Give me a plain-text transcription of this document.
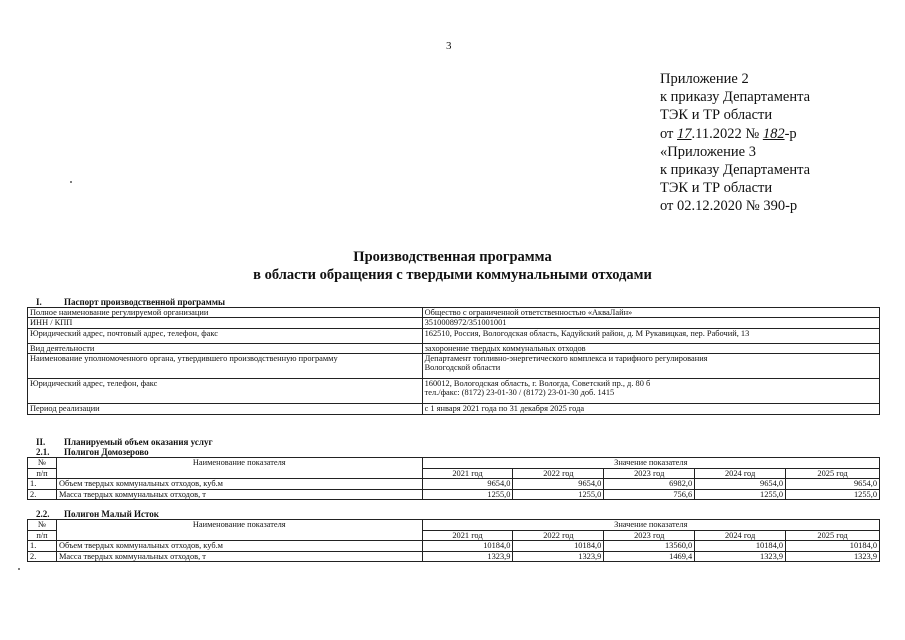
3
Приложение 2
к приказу Департамента
ТЭК и ТР области
от 17.11.2022 № 182-р
«Приложение 3
к приказу Департамента
ТЭК и ТР области
от 02.12.2020 № 390-р
Производственная программа
в области обращения с твердыми коммунальными отходами
I. Паспорт производственной программы
Полное наименование регулируемой организации	Общество с ограниченной ответственностью «АкваЛайн»
ИНН / КПП	3510008972/351001001
Юридический адрес, почтовый адрес, телефон, факс	162510, Россия, Вологодская область, Кадуйский район, д. М Рукавицкая, пер. Рабочий, 13
Вид деятельности	захоронение твердых коммунальных отходов
Наименование уполномоченного органа, утвердившего производственную программу	Департамент топливно-энергетического комплекса и тарифного регулирования
Вологодской области

Юридический адрес, телефон, факс	160012, Вологодская область, г. Вологда, Советский пр., д. 80 б
тел./факс: (8172) 23-01-30 / (8172) 23-01-30 доб. 1415

Период реализации	с 1 января 2021 года по 31 декабря 2025 года
II. Планируемый объем оказания услуг
2.1. Полигон Домозерово
№	Наименование показателя	Значение показателя				
п/п		2021 год	2022 год	2023 год	2024 год	2025 год
1.	Объем твердых коммунальных отходов, куб.м	9654,0	9654,0	6982,0	9654,0	9654,0
2.	Масса твердых коммунальных отходов, т	1255,0	1255,0	756,6	1255,0	1255,0
2.2. Полигон Малый Исток
№	Наименование показателя	Значение показателя				
п/п		2021 год	2022 год	2023 год	2024 год	2025 год
1.	Объем твердых коммунальных отходов, куб.м	10184,0	10184,0	13560,0	10184,0	10184,0
2.	Масса твердых коммунальных отходов, т	1323,9	1323,9	1469,4	1323,9	1323,9
